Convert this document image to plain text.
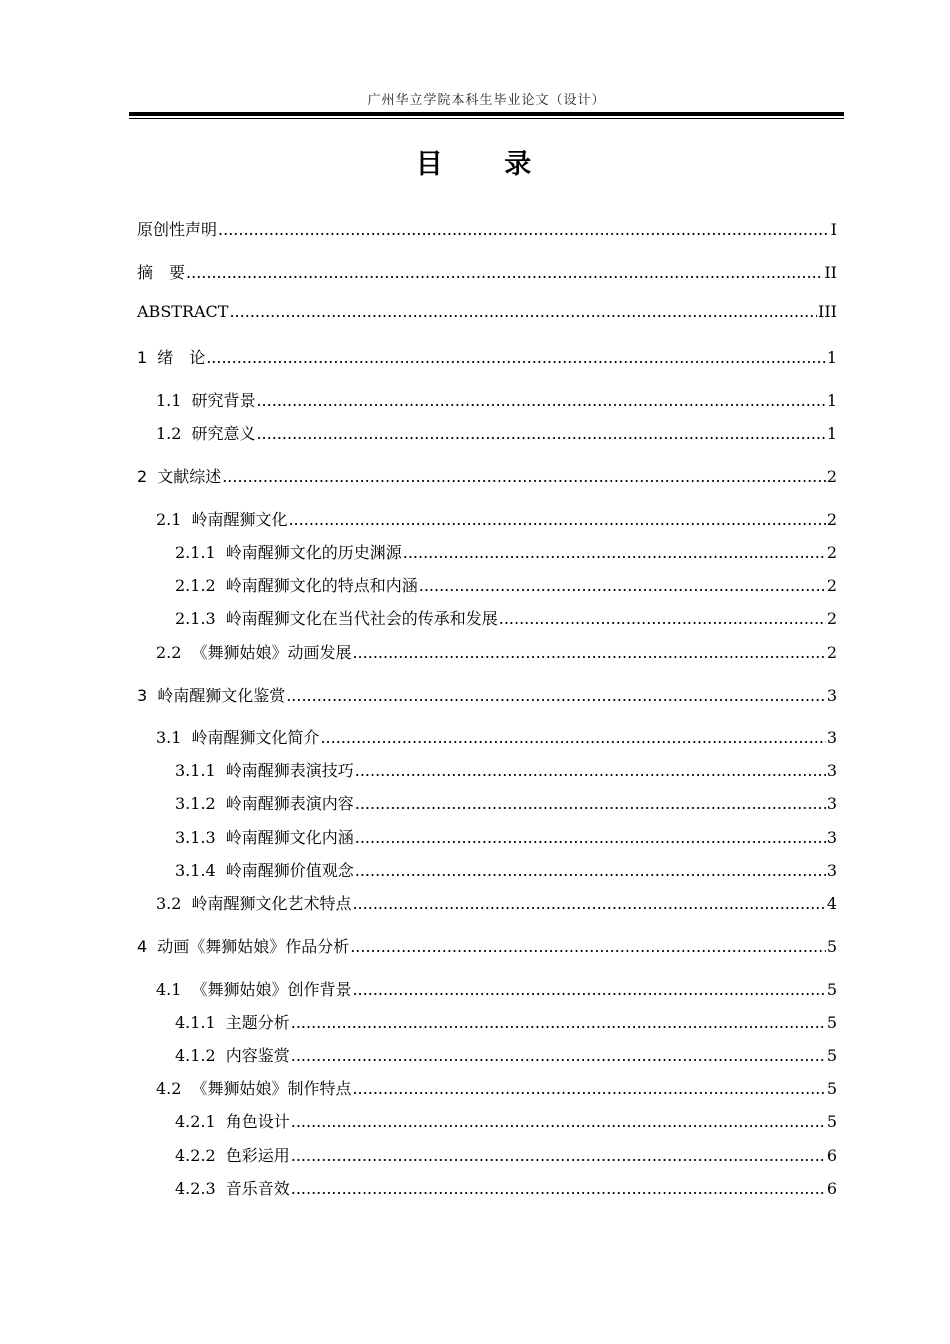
广州华立学院本科生毕业论文（设计）
目 录
原创性声明 .....	I
摘　要 .....	II
ABSTRACT .....	III
1 绪　论 .....	1
1.1 研究背景 .....	1
1.2 研究意义 .....	1
2 文献综述 .....	2
2.1 岭南醒狮文化 .....	2
2.1.1 岭南醒狮文化的历史渊源 .....	2
2.1.2 岭南醒狮文化的特点和内涵 .....	2
2.1.3 岭南醒狮文化在当代社会的传承和发展 .....	2
2.2 《舞狮姑娘》动画发展 .....	2
3 岭南醒狮文化鉴赏 .....	3
3.1 岭南醒狮文化简介 .....	3
3.1.1 岭南醒狮表演技巧 .....	3
3.1.2 岭南醒狮表演内容 .....	3
3.1.3 岭南醒狮文化内涵 .....	3
3.1.4 岭南醒狮价值观念 .....	3
3.2 岭南醒狮文化艺术特点 .....	4
4 动画《舞狮姑娘》作品分析 .....	5
4.1 《舞狮姑娘》创作背景 .....	5
4.1.1 主题分析 .....	5
4.1.2 内容鉴赏 .....	5
4.2 《舞狮姑娘》制作特点 .....	5
4.2.1 角色设计 .....	5
4.2.2 色彩运用 .....	6
4.2.3 音乐音效 .....	6
